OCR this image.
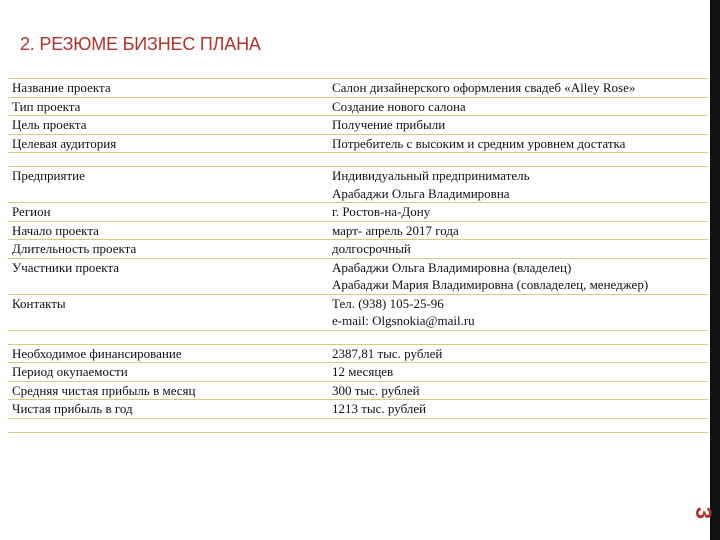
2. РЕЗЮМЕ БИЗНЕС ПЛАНА
Название проекта	Салон дизайнерского оформления свадеб «Alley Rose»
Тип проекта	Создание нового салона
Цель проекта	Получение прибыли
Целевая аудитория	Потребитель с высоким и средним уровнем достатка

Предприятие	Индивидуальный предприниматель
Арабаджи Ольга Владимировна

Регион	г. Ростов-на-Дону
Начало проекта	март- апрель 2017 года
Длительность проекта	долгосрочный
Участники проекта	Арабаджи Ольга Владимировна (владелец)
Арабаджи Мария Владимировна (совладелец, менеджер)
Контакты	Тел. (938) 105-25-96
e-mail: Olgsnokia@mail.ru

Необходимое финансирование	2387,81 тыс. рублей
Период окупаемости	12 месяцев
Средняя чистая прибыль в месяц	300 тыс. рублей
Чистая прибыль в год	1213 тыс. рублей

3
